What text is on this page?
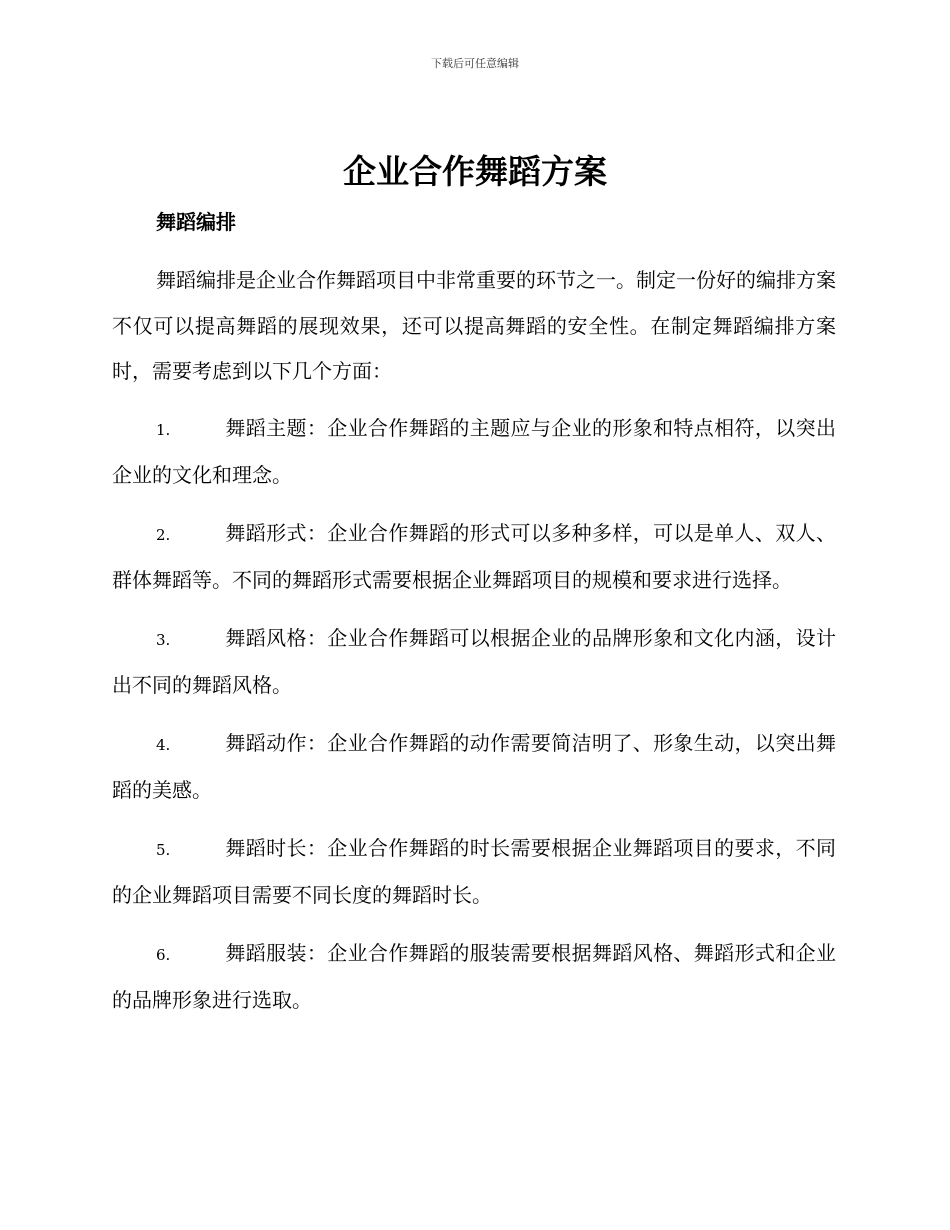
下载后可任意编辑
企业合作舞蹈方案
舞蹈编排

舞蹈编排是企业合作舞蹈项目中非常重要的环节之一。制定一份好的编排方案不仅可以提高舞蹈的展现效果，还可以提高舞蹈的安全性。在制定舞蹈编排方案时，需要考虑到以下几个方面：

1.	舞蹈主题：企业合作舞蹈的主题应与企业的形象和特点相符，以突出企业的文化和理念。
2.	舞蹈形式：企业合作舞蹈的形式可以多种多样，可以是单人、双人、群体舞蹈等。不同的舞蹈形式需要根据企业舞蹈项目的规模和要求进行选择。
3.	舞蹈风格：企业合作舞蹈可以根据企业的品牌形象和文化内涵，设计出不同的舞蹈风格。
4.	舞蹈动作：企业合作舞蹈的动作需要简洁明了、形象生动，以突出舞蹈的美感。
5.	舞蹈时长：企业合作舞蹈的时长需要根据企业舞蹈项目的要求，不同的企业舞蹈项目需要不同长度的舞蹈时长。
6.	舞蹈服装：企业合作舞蹈的服装需要根据舞蹈风格、舞蹈形式和企业的品牌形象进行选取。
